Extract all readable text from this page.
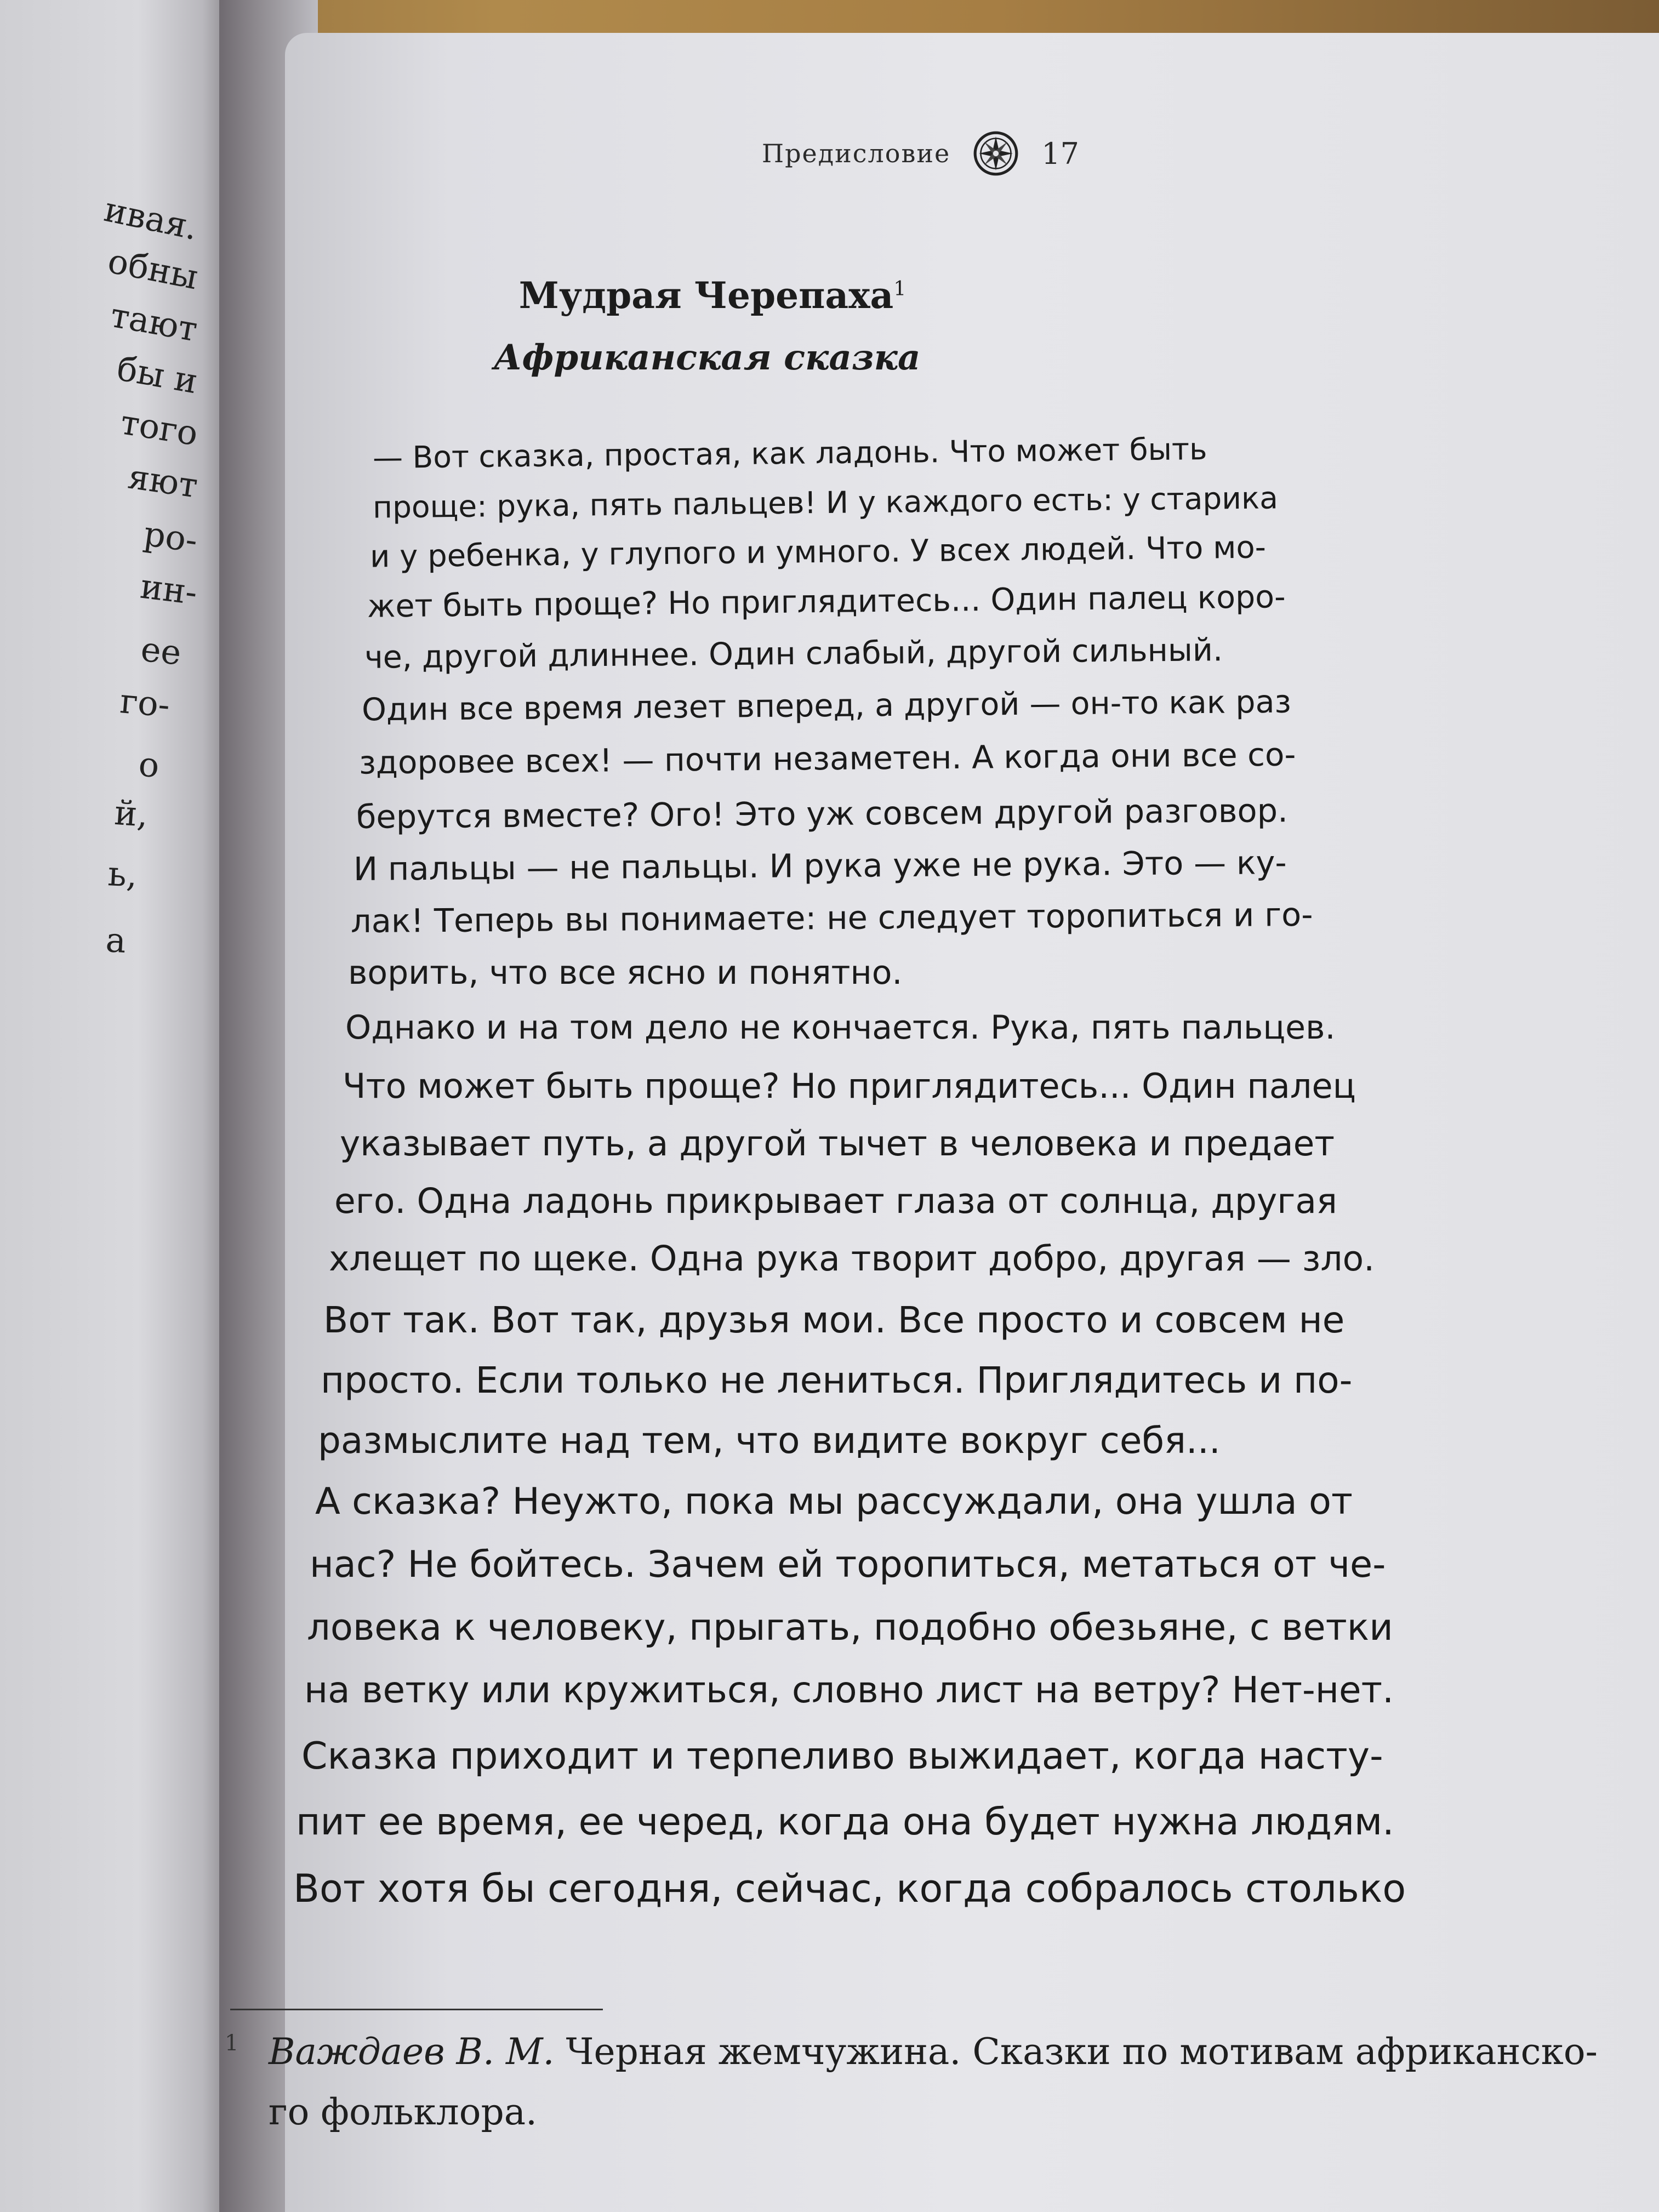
ивая.
обны
тают
бы и
того
яют
ро-
ин-
ее
го-
о
й,
ь,
а
Предисловие	17
Мудрая Черепаха$^1$
Африканская сказка
— Вот сказка, простая, как ладонь. Что может быть
проще: рука, пять пальцев! И у каждого есть: у старика
и у ребенка, у глупого и умного. У всех людей. Что мо-
жет быть проще? Но приглядитесь... Один палец коро-
че, другой длиннее. Один слабый, другой сильный.
Один все время лезет вперед, а другой — он-то как раз
здоровее всех! — почти незаметен. А когда они все со-
берутся вместе? Ого! Это уж совсем другой разговор.
И пальцы — не пальцы. И рука уже не рука. Это — ку-
лак! Теперь вы понимаете: не следует торопиться и го-
ворить, что все ясно и понятно.
Однако и на том дело не кончается. Рука, пять пальцев.
Что может быть проще? Но приглядитесь... Один палец
указывает путь, а другой тычет в человека и предает
его. Одна ладонь прикрывает глаза от солнца, другая
хлещет по щеке. Одна рука творит добро, другая — зло.
Вот так. Вот так, друзья мои. Все просто и совсем не
просто. Если только не лениться. Приглядитесь и по-
размыслите над тем, что видите вокруг себя...
А сказка? Неужто, пока мы рассуждали, она ушла от
нас? Не бойтесь. Зачем ей торопиться, метаться от че-
ловека к человеку, прыгать, подобно обезьяне, с ветки
на ветку или кружиться, словно лист на ветру? Нет-нет.
Сказка приходит и терпеливо выжидает, когда насту-
пит ее время, ее черед, когда она будет нужна людям.
Вот хотя бы сегодня, сейчас, когда собралось столько
1 Важдаев В. М. Черная жемчужина. Сказки по мотивам африканско-
го фольклора.
